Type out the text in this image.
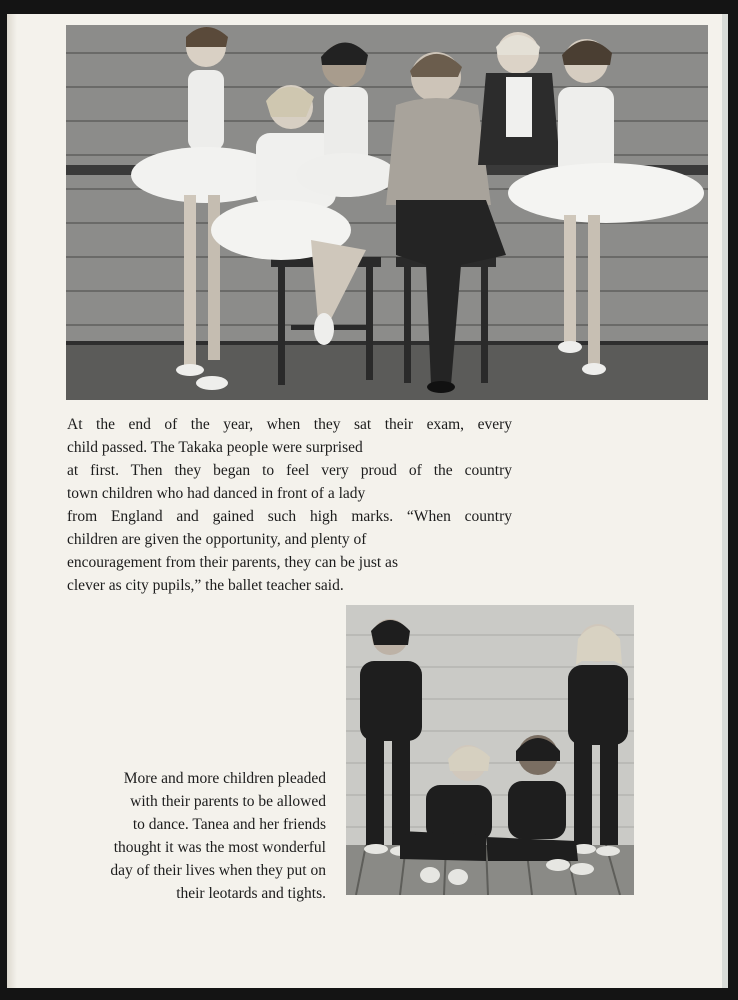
At the end of the year, when they sat their exam, every
child passed. The Takaka people were surprised
at first. Then they began to feel very proud of the country
town children who had danced in front of a lady
from England and gained such high marks. “When country
children are given the opportunity, and plenty of
encouragement from their parents, they can be just as
clever as city pupils,” the ballet teacher said.
More and more children pleaded
with their parents to be allowed
to dance. Tanea and her friends
thought it was the most wonderful
day of their lives when they put on
their leotards and tights.
